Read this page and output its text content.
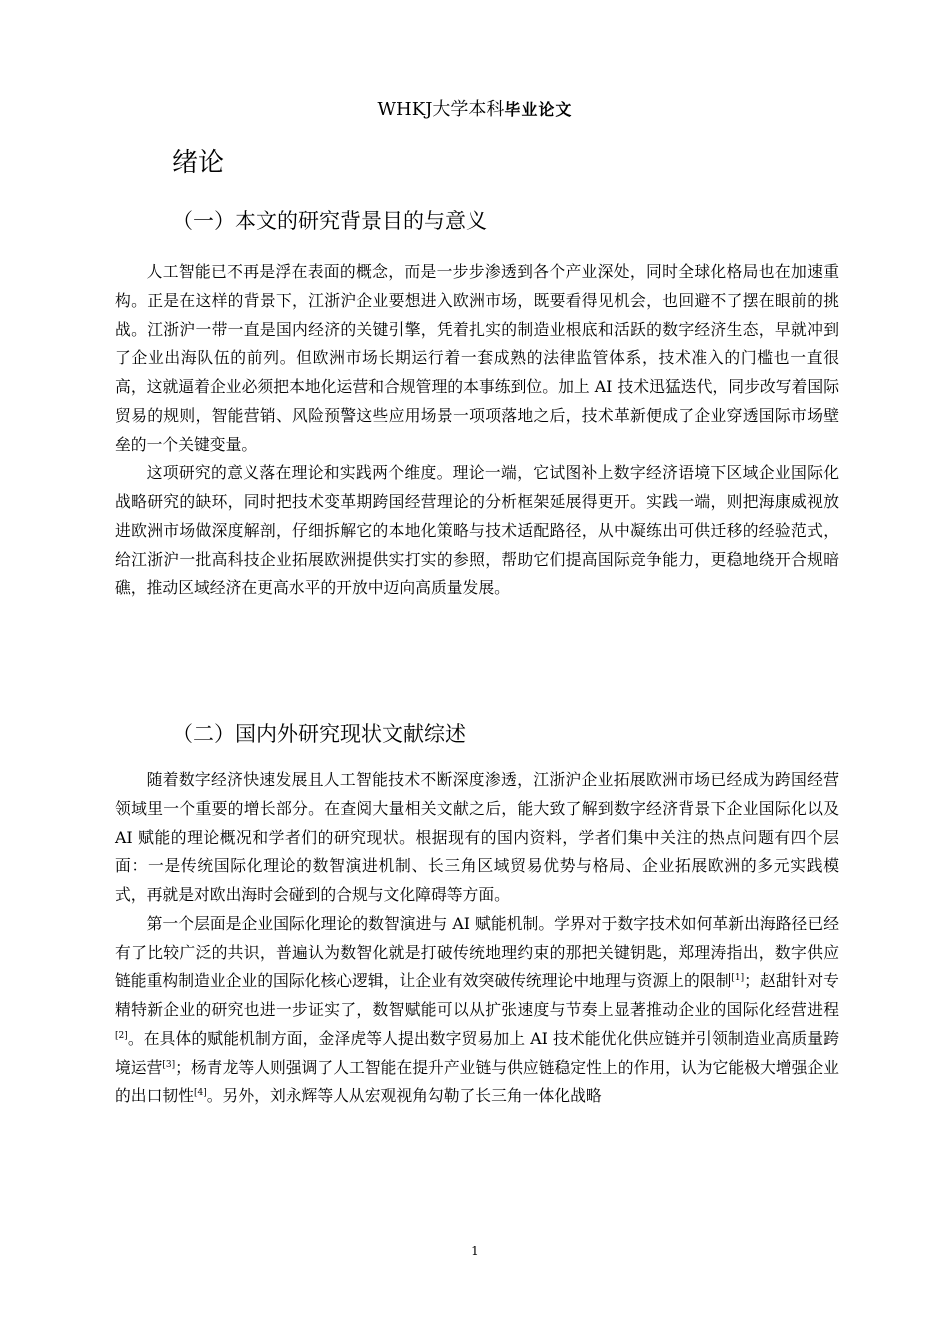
WHKJ大学本科毕业论文
绪论
（一）本文的研究背景目的与意义

人工智能已不再是浮在表面的概念，而是一步步渗透到各个产业深处，同时全球化格局也在加速重构。正是在这样的背景下，江浙沪企业要想进入欧洲市场，既要看得见机会，也回避不了摆在眼前的挑战。江浙沪一带一直是国内经济的关键引擎，凭着扎实的制造业根底和活跃的数字经济生态，早就冲到了企业出海队伍的前列。但欧洲市场长期运行着一套成熟的法律监管体系，技术准入的门槛也一直很高，这就逼着企业必须把本地化运营和合规管理的本事练到位。加上 AI 技术迅猛迭代，同步改写着国际贸易的规则，智能营销、风险预警这些应用场景一项项落地之后，技术革新便成了企业穿透国际市场壁垒的一个关键变量。

这项研究的意义落在理论和实践两个维度。理论一端，它试图补上数字经济语境下区域企业国际化战略研究的缺环，同时把技术变革期跨国经营理论的分析框架延展得更开。实践一端，则把海康威视放进欧洲市场做深度解剖，仔细拆解它的本地化策略与技术适配路径，从中凝练出可供迁移的经验范式，给江浙沪一批高科技企业拓展欧洲提供实打实的参照，帮助它们提高国际竞争能力，更稳地绕开合规暗礁，推动区域经济在更高水平的开放中迈向高质量发展。

（二）国内外研究现状文献综述

随着数字经济快速发展且人工智能技术不断深度渗透，江浙沪企业拓展欧洲市场已经成为跨国经营领域里一个重要的增长部分。在查阅大量相关文献之后，能大致了解到数字经济背景下企业国际化以及 AI 赋能的理论概况和学者们的研究现状。根据现有的国内资料，学者们集中关注的热点问题有四个层面：一是传统国际化理论的数智演进机制、长三角区域贸易优势与格局、企业拓展欧洲的多元实践模式，再就是对欧出海时会碰到的合规与文化障碍等方面。

第一个层面是企业国际化理论的数智演进与 AI 赋能机制。学界对于数字技术如何革新出海路径已经有了比较广泛的共识，普遍认为数智化就是打破传统地理约束的那把关键钥匙，郑理涛指出，数字供应链能重构制造业企业的国际化核心逻辑，让企业有效突破传统理论中地理与资源上的限制[1]；赵甜针对专精特新企业的研究也进一步证实了，数智赋能可以从扩张速度与节奏上显著推动企业的国际化经营进程[2]。在具体的赋能机制方面，金泽虎等人提出数字贸易加上 AI 技术能优化供应链并引领制造业高质量跨境运营[3]；杨青龙等人则强调了人工智能在提升产业链与供应链稳定性上的作用，认为它能极大增强企业的出口韧性[4]。另外，刘永辉等人从宏观视角勾勒了长三角一体化战略

1
